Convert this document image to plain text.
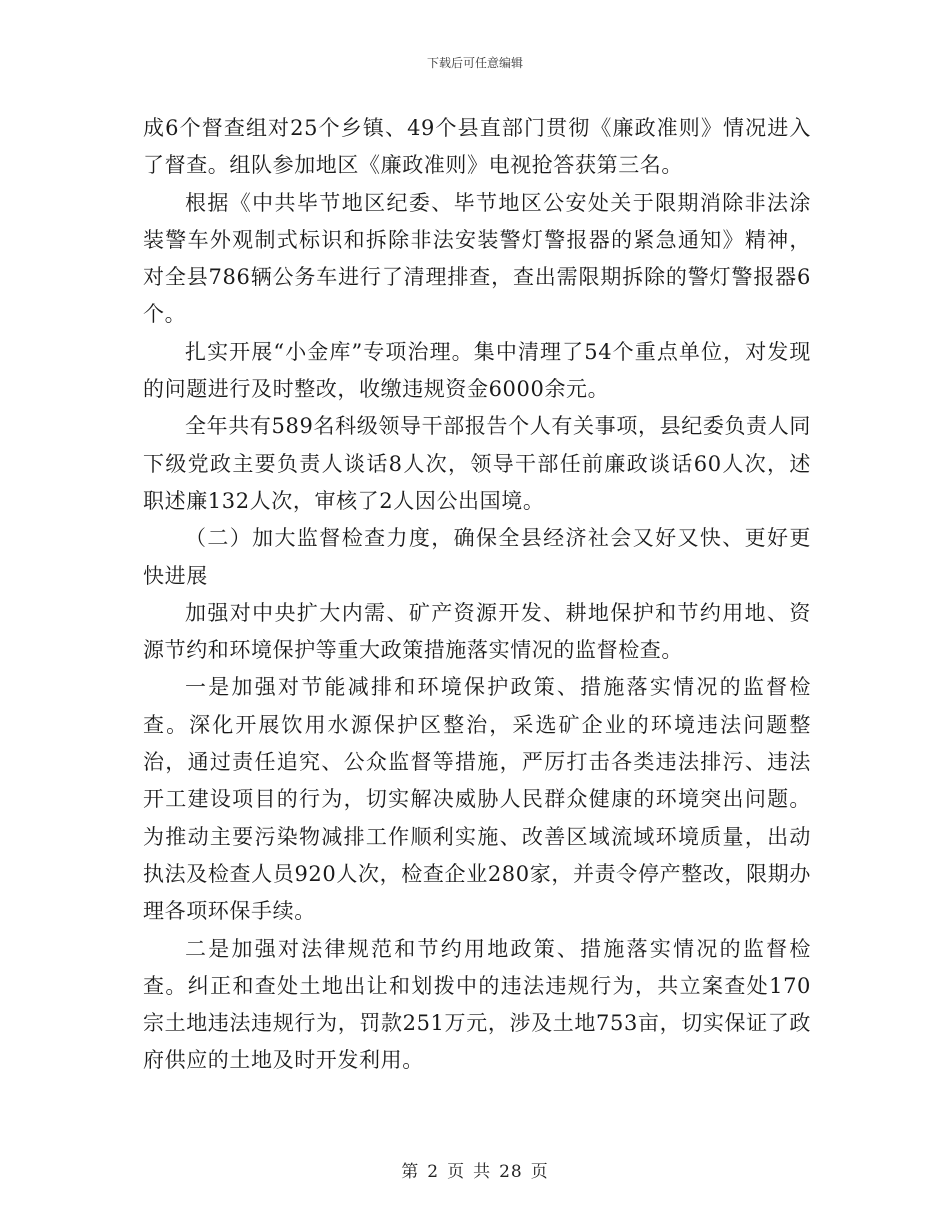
下载后可任意编辑

成6个督查组对25个乡镇、49个县直部门贯彻《廉政准则》情况进入了督查。组队参加地区《廉政准则》电视抢答获第三名。

根据《中共毕节地区纪委、毕节地区公安处关于限期消除非法涂装警车外观制式标识和拆除非法安装警灯警报器的紧急通知》精神，对全县786辆公务车进行了清理排查，查出需限期拆除的警灯警报器6个。

扎实开展“小金库”专项治理。集中清理了54个重点单位，对发现的问题进行及时整改，收缴违规资金6000余元。

全年共有589名科级领导干部报告个人有关事项，县纪委负责人同下级党政主要负责人谈话8人次，领导干部任前廉政谈话60人次，述职述廉132人次，审核了2人因公出国境。

（二）加大监督检查力度，确保全县经济社会又好又快、更好更快进展

加强对中央扩大内需、矿产资源开发、耕地保护和节约用地、资源节约和环境保护等重大政策措施落实情况的监督检查。

一是加强对节能减排和环境保护政策、措施落实情况的监督检查。深化开展饮用水源保护区整治，采选矿企业的环境违法问题整治，通过责任追究、公众监督等措施，严厉打击各类违法排污、违法开工建设项目的行为，切实解决威胁人民群众健康的环境突出问题。为推动主要污染物减排工作顺利实施、改善区域流域环境质量，出动执法及检查人员920人次，检查企业280家，并责令停产整改，限期办理各项环保手续。

二是加强对法律规范和节约用地政策、措施落实情况的监督检查。纠正和查处土地出让和划拨中的违法违规行为，共立案查处170宗土地违法违规行为，罚款251万元，涉及土地753亩，切实保证了政府供应的土地及时开发利用。

第 2 页 共 28 页
